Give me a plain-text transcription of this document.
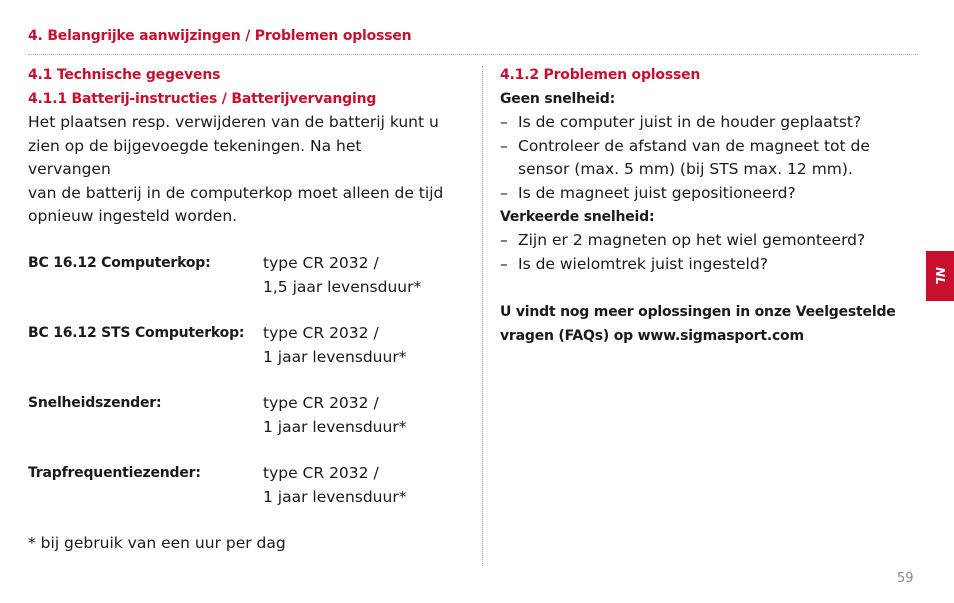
4. Belangrijke aanwijzingen / Problemen oplossen
4.1 Technische gegevens
4.1.1 Batterij-instructies / Batterijvervanging
Het plaatsen resp. verwijderen van de batterij kunt u
zien op de bijgevoegde tekeningen. Na het vervangen
van de batterij in de computerkop moet alleen de tijd
opnieuw ingesteld worden.
BC 16.12 Computerkop:	type CR 2032 /
1,5 jaar levensduur*
BC 16.12 STS Computerkop: type CR 2032 /
1 jaar levensduur*
Snelheidszender:	type CR 2032 /
1 jaar levensduur*
Trapfrequentiezender:	type CR 2032 /
1 jaar levensduur*
* bij gebruik van een uur per dag
4.1.2 Problemen oplossen
Geen snelheid:
– Is de computer juist in de houder geplaatst?
– Controleer de afstand van de magneet tot de
sensor (max. 5 mm) (bij STS max. 12 mm).
– Is de magneet juist gepositioneerd?
Verkeerde snelheid:
– Zijn er 2 magneten op het wiel gemonteerd?
– Is de wielomtrek juist ingesteld?
U vindt nog meer oplossingen in onze Veelgestelde
vragen (FAQs) op www.sigmasport.com
NL
59
